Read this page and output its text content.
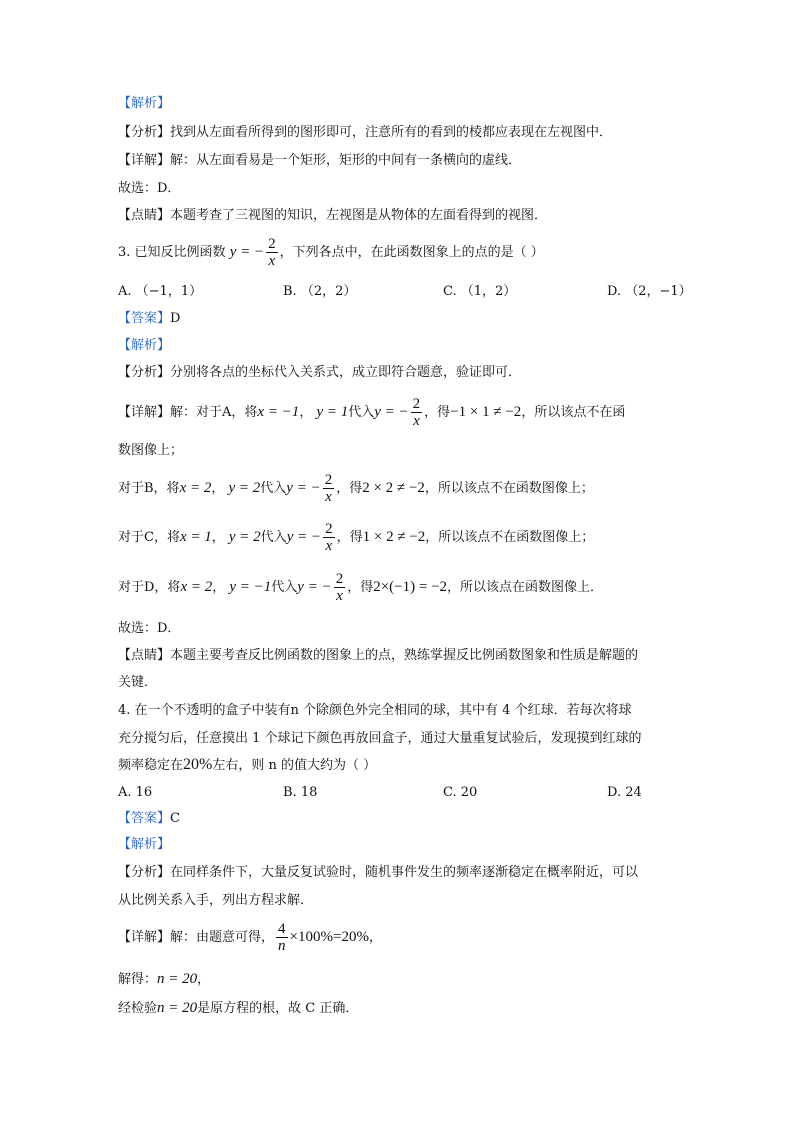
【解析】
【分析】找到从左面看所得到的图形即可，注意所有的看到的棱都应表现在左视图中．
【详解】解：从左面看易是一个矩形，矩形的中间有一条横向的虚线．
故选：D．
【点睛】本题考查了三视图的知识，左视图是从物体的左面看得到的视图．
3. 已知反比例函数 y = − $\frac{2}{x}$ ，下列各点中，在此函数图象上的点的是（ ）
A. （−1，1）	B. （2，2）	C. （1，2）	D. （2，−1）
【答案】D
【解析】
【分析】分别将各点的坐标代入关系式，成立即符合题意，验证即可．
【详解】解：对于A，将x = −1， y = 1代入y = − $\frac{2}{x}$ ，得−1 × 1 ≠ −2，所以该点不在函
数图像上；
对于B，将x = 2， y = 2代入y = − $\frac{2}{x}$ ，得2 × 2 ≠ −2，所以该点不在函数图像上；
对于C，将x = 1， y = 2代入y = − $\frac{2}{x}$ ，得1 × 2 ≠ −2，所以该点不在函数图像上；
对于D，将x = 2， y = −1代入y = − $\frac{2}{x}$ ，得2×(−1) = −2，所以该点在函数图像上．
故选：D．
【点睛】本题主要考查反比例函数的图象上的点，熟练掌握反比例函数图象和性质是解题的
关键．
4. 在一个不透明的盒子中装有n 个除颜色外完全相同的球，其中有 4 个红球．若每次将球
充分搅匀后，任意摸出 1 个球记下颜色再放回盒子，通过大量重复试验后，发现摸到红球的
频率稳定在20%左右，则 n 的值大约为（ ）
A. 16	B. 18	C. 20	D. 24
【答案】C
【解析】
【分析】在同样条件下，大量反复试验时，随机事件发生的频率逐渐稳定在概率附近，可以
从比例关系入手，列出方程求解．
【详解】解：由题意可得， $\frac{4}{n} \times 100\%=20\%$，
解得：n = 20，
经检验n = 20是原方程的根，故 C 正确．
